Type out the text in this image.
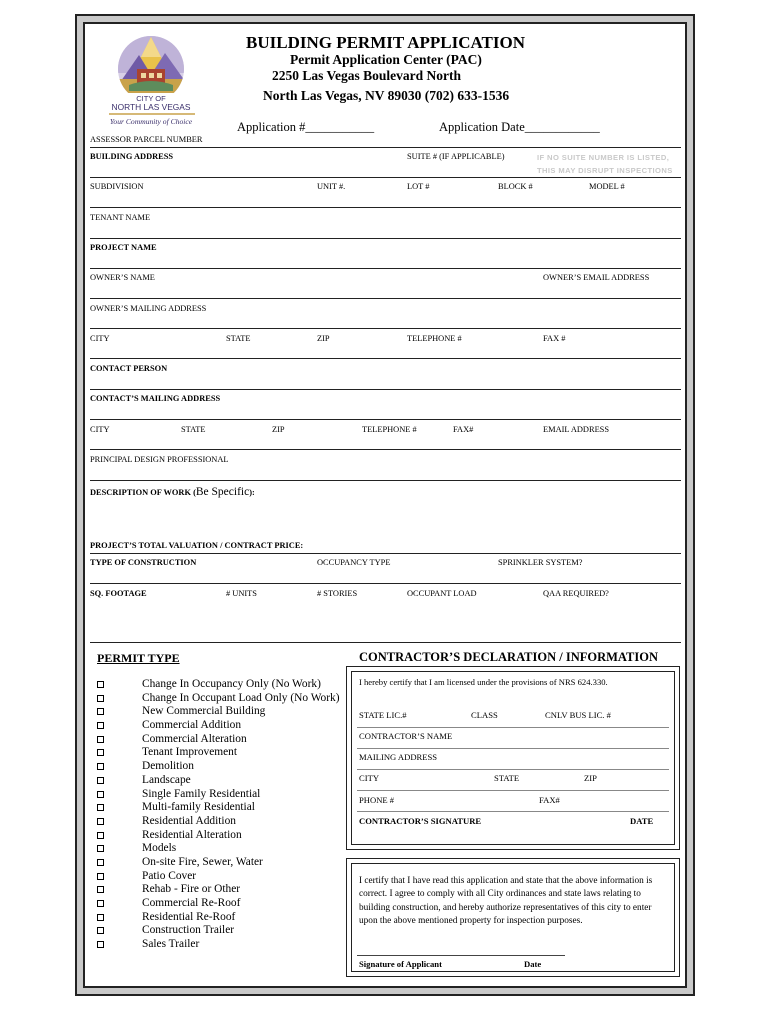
CITY OF
NORTH LAS VEGAS
Your Community of Choice
BUILDING PERMIT APPLICATION
Permit Application Center (PAC)
2250 Las Vegas Boulevard North
North Las Vegas, NV 89030 (702) 633-1536
Application #___________	Application Date____________
ASSESSOR PARCEL NUMBER
BUILDING ADDRESS	SUITE # (IF APPLICABLE)	IF NO SUITE NUMBER IS LISTED,
THIS MAY DISRUPT INSPECTIONS
SUBDIVISION	UNIT #.	LOT #	BLOCK #	MODEL #
TENANT NAME
PROJECT NAME
OWNER’S NAME	OWNER’S EMAIL ADDRESS
OWNER’S MAILING ADDRESS
CITY	STATE	ZIP	TELEPHONE #	FAX #
CONTACT PERSON
CONTACT’S MAILING ADDRESS
CITY	STATE	ZIP	TELEPHONE #	FAX#	EMAIL ADDRESS
PRINCIPAL DESIGN PROFESSIONAL
DESCRIPTION OF WORK (Be Specific):
PROJECT’S TOTAL VALUATION / CONTRACT PRICE:
TYPE OF CONSTRUCTION	OCCUPANCY TYPE	SPRINKLER SYSTEM?
SQ. FOOTAGE	# UNITS	# STORIES	OCCUPANT LOAD	QAA REQUIRED?
PERMIT TYPE
Change In Occupancy Only (No Work)
Change In Occupant Load Only (No Work)
New Commercial Building
Commercial Addition
Commercial Alteration
Tenant Improvement
Demolition
Landscape
Single Family Residential
Multi-family Residential
Residential Addition
Residential Alteration
Models
On-site Fire, Sewer, Water
Patio Cover
Rehab - Fire or Other
Commercial Re-Roof
Residential Re-Roof
Construction Trailer
Sales Trailer
CONTRACTOR’S DECLARATION / INFORMATION
I hereby certify that I am licensed under the provisions of NRS 624.330.
STATE LIC.#	CLASS	CNLV BUS LIC. #
CONTRACTOR’S NAME
MAILING ADDRESS
CITY	STATE	ZIP
PHONE #	FAX#
CONTRACTOR’S SIGNATURE	DATE
I certify that I have read this application and state that the above information is correct. I agree to comply with all City ordinances and state laws relating to building construction, and hereby authorize representatives of this city to enter upon the above mentioned property for inspection purposes.
Signature of Applicant	Date
